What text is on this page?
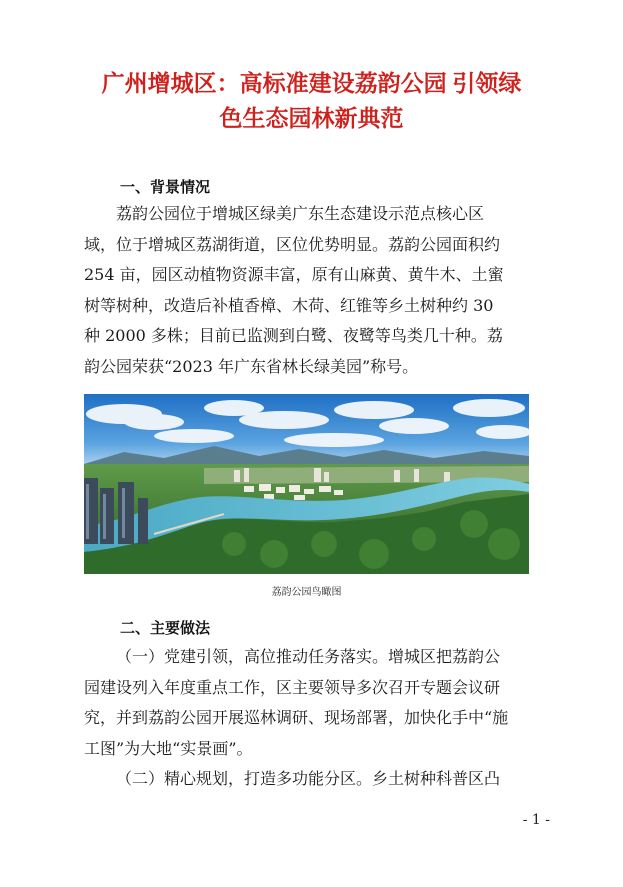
广州增城区：高标准建设荔韵公园 引领绿
色生态园林新典范
一、背景情况
荔韵公园位于增城区绿美广东生态建设示范点核心区
域，位于增城区荔湖街道，区位优势明显。荔韵公园面积约
254 亩，园区动植物资源丰富，原有山麻黄、黄牛木、土蜜
树等树种，改造后补植香樟、木荷、红锥等乡土树种约 30
种 2000 多株；目前已监测到白鹭、夜鹭等鸟类几十种。荔
韵公园荣获“2023 年广东省林长绿美园”称号。

荔韵公园鸟瞰图

二、主要做法
（一）党建引领，高位推动任务落实。增城区把荔韵公
园建设列入年度重点工作，区主要领导多次召开专题会议研
究，并到荔韵公园开展巡林调研、现场部署，加快化手中“施
工图”为大地“实景画”。
（二）精心规划，打造多功能分区。乡土树种科普区凸

- 1 -
